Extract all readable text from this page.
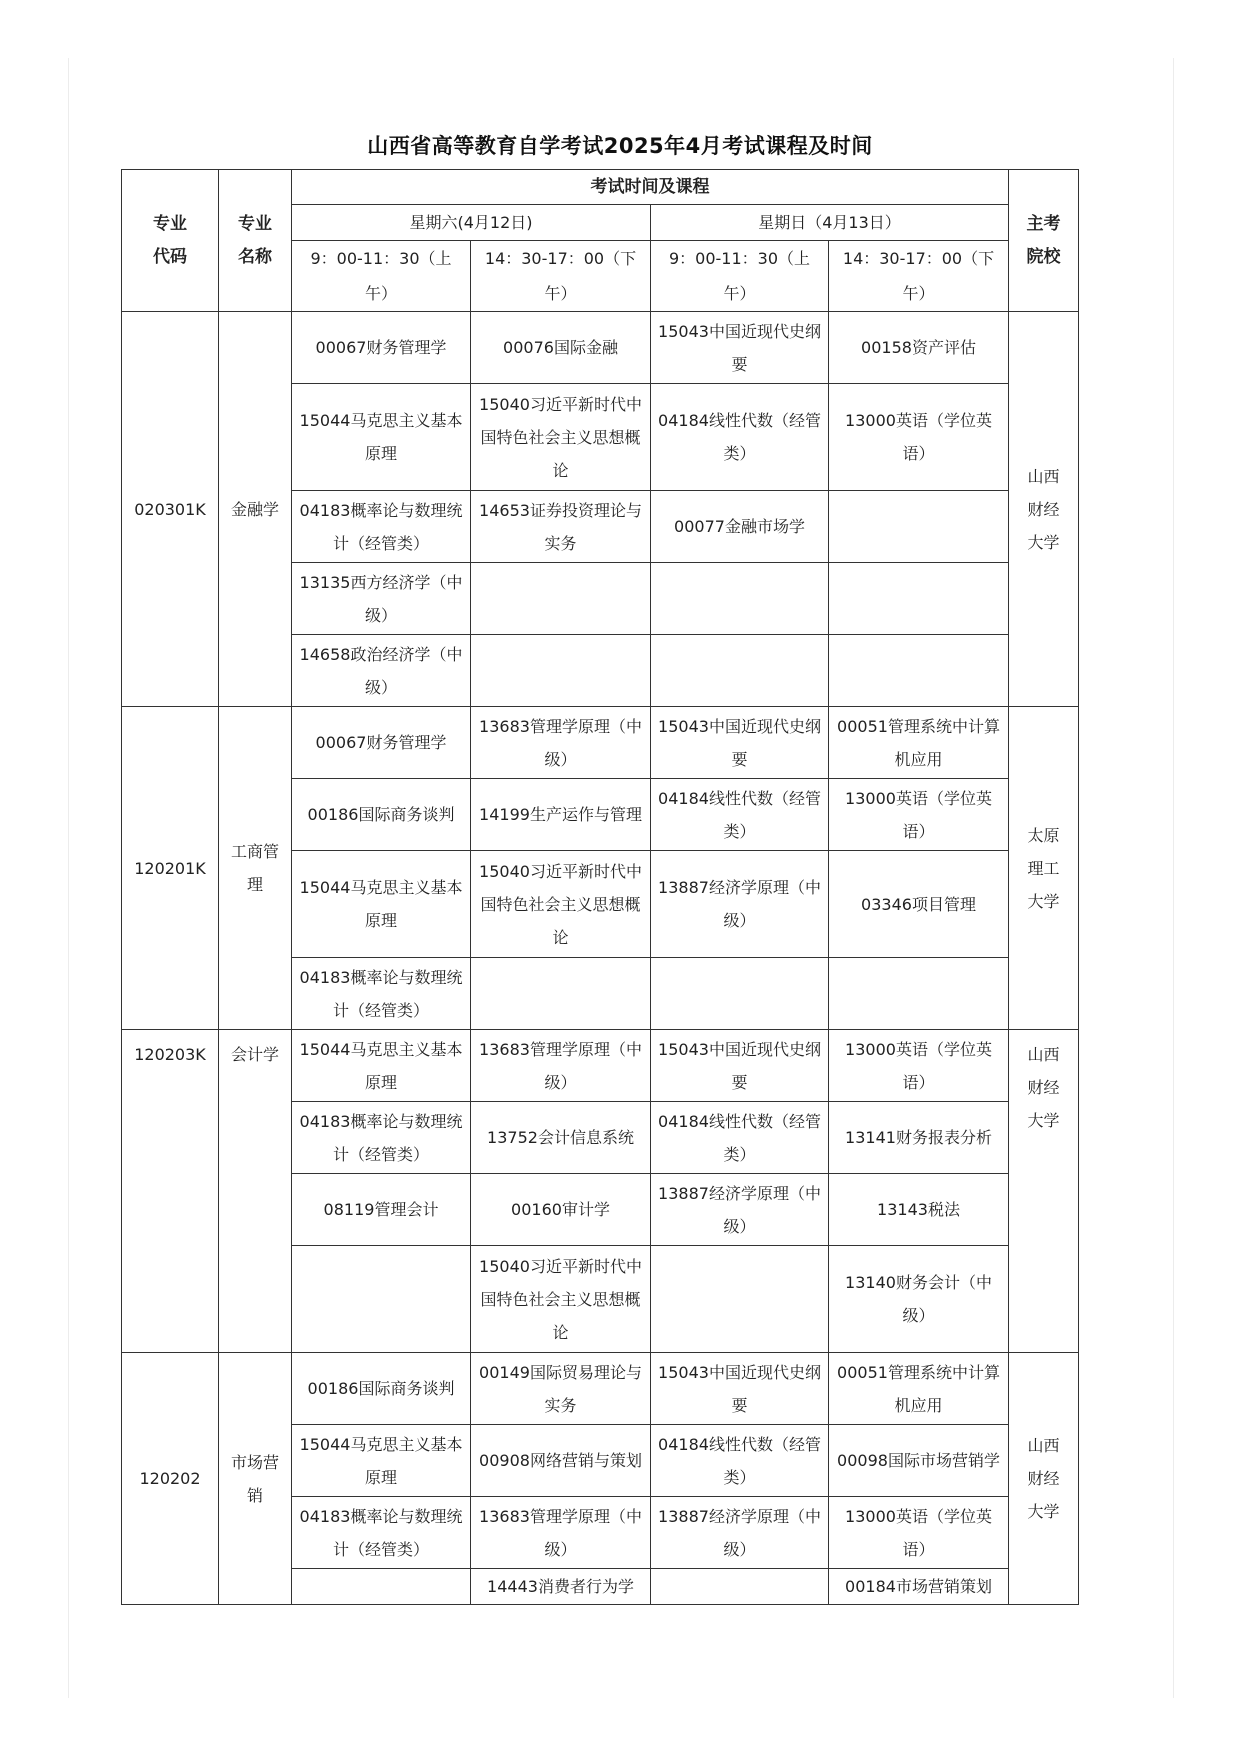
山西省高等教育自学考试2025年4月考试课程及时间
专业
代码	专业
名称	考试时间及课程				主考
院校

		星期六(4月12日)		星期日（4月13日）		

		9：00-11：30（上
午）	14：30-17：00（下
午）	9：00-11：30（上
午）	14：30-17：00（下
午）	

020301K	金融学	00067财务管理学	00076国际金融	15043中国近现代史纲要	00158资产评估	山西
财经
大学

		15044马克思主义基本原理	15040习近平新时代中国特色社会主义思想概论	04184线性代数（经管类）	13000英语（学位英语）	
		04183概率论与数理统计（经管类）	14653证券投资理论与实务	00077金融市场学		
		13135西方经济学（中级）				
		14658政治经济学（中级）				
120201K	工商管理	00067财务管理学	13683管理学原理（中级）	15043中国近现代史纲要	00051管理系统中计算机应用	太原
理工
大学

		00186国际商务谈判	14199生产运作与管理	04184线性代数（经管类）	13000英语（学位英语）	
		15044马克思主义基本原理	15040习近平新时代中国特色社会主义思想概论	13887经济学原理（中级）	03346项目管理	
		04183概率论与数理统计（经管类）				
120203K	会计学	15044马克思主义基本原理	13683管理学原理（中级）	15043中国近现代史纲要	13000英语（学位英语）	山西
财经
大学

		04183概率论与数理统计（经管类）	13752会计信息系统	04184线性代数（经管类）	13141财务报表分析	
		08119管理会计	00160审计学	13887经济学原理（中级）	13143税法	
			15040习近平新时代中国特色社会主义思想概论		13140财务会计（中级）	
120202	市场营销	00186国际商务谈判	00149国际贸易理论与实务	15043中国近现代史纲要	00051管理系统中计算机应用	山西
财经
大学

		15044马克思主义基本原理	00908网络营销与策划	04184线性代数（经管类）	00098国际市场营销学	
		04183概率论与数理统计（经管类）	13683管理学原理（中级）	13887经济学原理（中级）	13000英语（学位英语）	
			14443消费者行为学		00184市场营销策划	
